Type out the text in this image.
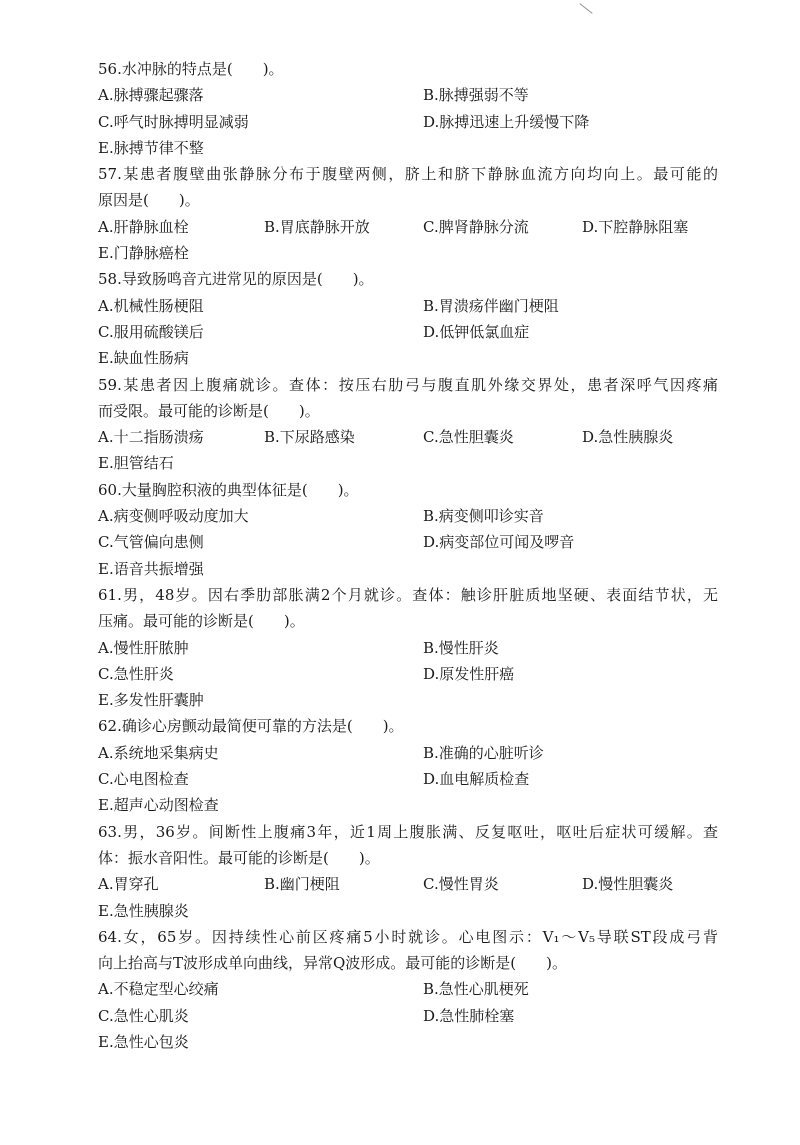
56.水冲脉的特点是(　　)。
A.脉搏骤起骤落	B.脉搏强弱不等
C.呼气时脉搏明显减弱	D.脉搏迅速上升缓慢下降
E.脉搏节律不整
57.某患者腹壁曲张静脉分布于腹壁两侧，脐上和脐下静脉血流方向均向上。最可能的
原因是(　　)。
A.肝静脉血栓	B.胃底静脉开放	C.脾肾静脉分流	D.下腔静脉阻塞
E.门静脉癌栓
58.导致肠鸣音亢进常见的原因是(　　)。
A.机械性肠梗阻	B.胃溃疡伴幽门梗阻
C.服用硫酸镁后	D.低钾低氯血症
E.缺血性肠病
59.某患者因上腹痛就诊。查体：按压右肋弓与腹直肌外缘交界处，患者深呼气因疼痛
而受限。最可能的诊断是(　　)。
A.十二指肠溃疡	B.下尿路感染	C.急性胆囊炎	D.急性胰腺炎
E.胆管结石
60.大量胸腔积液的典型体征是(　　)。
A.病变侧呼吸动度加大	B.病变侧叩诊实音
C.气管偏向患侧	D.病变部位可闻及啰音
E.语音共振增强
61.男，48岁。因右季肋部胀满2个月就诊。查体：触诊肝脏质地坚硬、表面结节状，无
压痛。最可能的诊断是(　　)。
A.慢性肝脓肿	B.慢性肝炎
C.急性肝炎	D.原发性肝癌
E.多发性肝囊肿
62.确诊心房颤动最简便可靠的方法是(　　)。
A.系统地采集病史	B.准确的心脏听诊
C.心电图检查	D.血电解质检查
E.超声心动图检查
63.男，36岁。间断性上腹痛3年，近1周上腹胀满、反复呕吐，呕吐后症状可缓解。查
体：振水音阳性。最可能的诊断是(　　)。
A.胃穿孔	B.幽门梗阻	C.慢性胃炎	D.慢性胆囊炎
E.急性胰腺炎
64.女，65岁。因持续性心前区疼痛5小时就诊。心电图示：V₁～V₅导联ST段成弓背
向上抬高与T波形成单向曲线，异常Q波形成。最可能的诊断是(　　)。
A.不稳定型心绞痛	B.急性心肌梗死
C.急性心肌炎	D.急性肺栓塞
E.急性心包炎
